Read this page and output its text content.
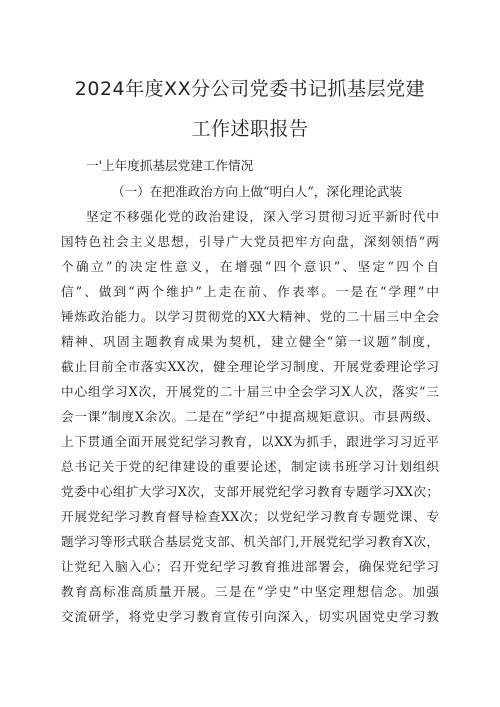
2024年度XX分公司党委书记抓基层党建
工作述职报告
一'上年度抓基层党建工作情况
（一）在把准政治方向上做“明白人”，深化理论武装
坚定不移强化党的政治建设，深入学习贯彻习近平新时代中
国特色社会主义思想，引导广大党员把牢方向盘，深刻领悟“两
个确立”的决定性意义，在增强“四个意识”、坚定“四个自
信”、做到“两个维护”上走在前、作表率。一是在“学理”中
锤炼政治能力。以学习贯彻党的XX大精神、党的二十届三中全会
精神、巩固主题教育成果为契机，建立健全“第一议题”制度，
截止目前全市落实XX次，健全理论学习制度、开展党委理论学习
中心组学习X次，开展党的二十届三中全会学习X人次，落实“三
会一课”制度X余次。二是在“学纪”中提高规矩意识。市县两级、
上下贯通全面开展党纪学习教育，以XX为抓手，跟进学习习近平
总书记关于党的纪律建设的重要论述，制定读书班学习计划组织
党委中心组扩大学习X次，支部开展党纪学习教育专题学习XX次；
开展党纪学习教育督导检查XX次；以党纪学习教育专题党课、专
题学习等形式联合基层党支部、机关部门,开展党纪学习教育X次，
让党纪入脑入心；召开党纪学习教育推进部署会，确保党纪学习
教育高标准高质量开展。三是在“学史”中坚定理想信念。加强
交流研学，将党史学习教育宣传引向深入，切实巩固党史学习教
